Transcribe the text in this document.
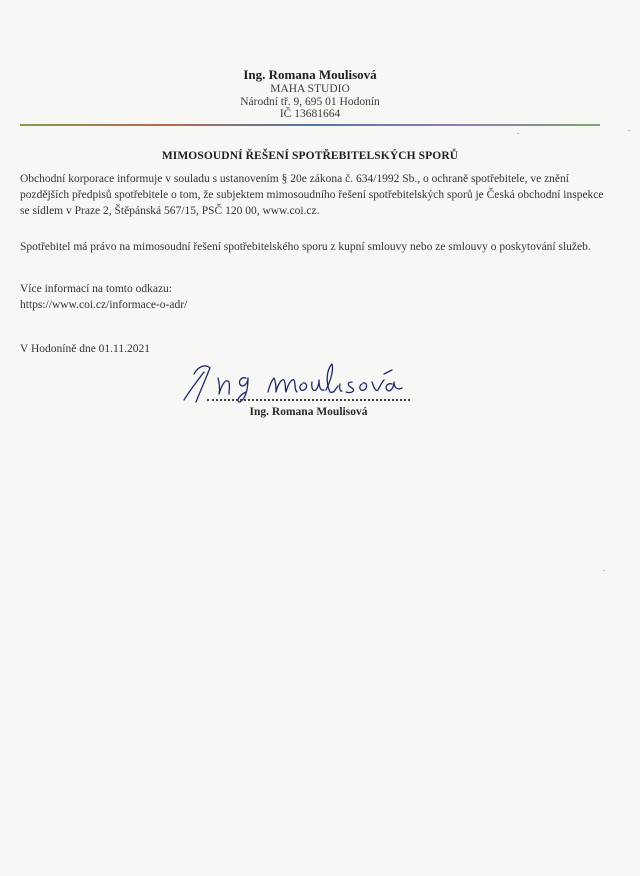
Ing. Romana Moulisová
MAHA STUDIO
Národní tř. 9, 695 01 Hodonín
IČ 13681664
MIMOSOUDNÍ ŘEŠENÍ SPOTŘEBITELSKÝCH SPORŮ
Obchodní korporace informuje v souladu s ustanovením § 20e zákona č. 634/1992 Sb., o ochraně spotřebitele, ve znění pozdějších předpisů spotřebitele o tom, že subjektem mimosoudního řešení spotřebitelských sporů je Česká obchodní inspekce se sídlem v Praze 2, Štěpánská 567/15, PSČ 120 00, www.coi.cz.
Spotřebitel má právo na mimosoudní řešení spotřebitelského sporu z kupní smlouvy nebo ze smlouvy o poskytování služeb.
Více informací na tomto odkazu:
https://www.coi.cz/informace-o-adr/
V Hodoníně dne 01.11.2021
Ing. Romana Moulisová
